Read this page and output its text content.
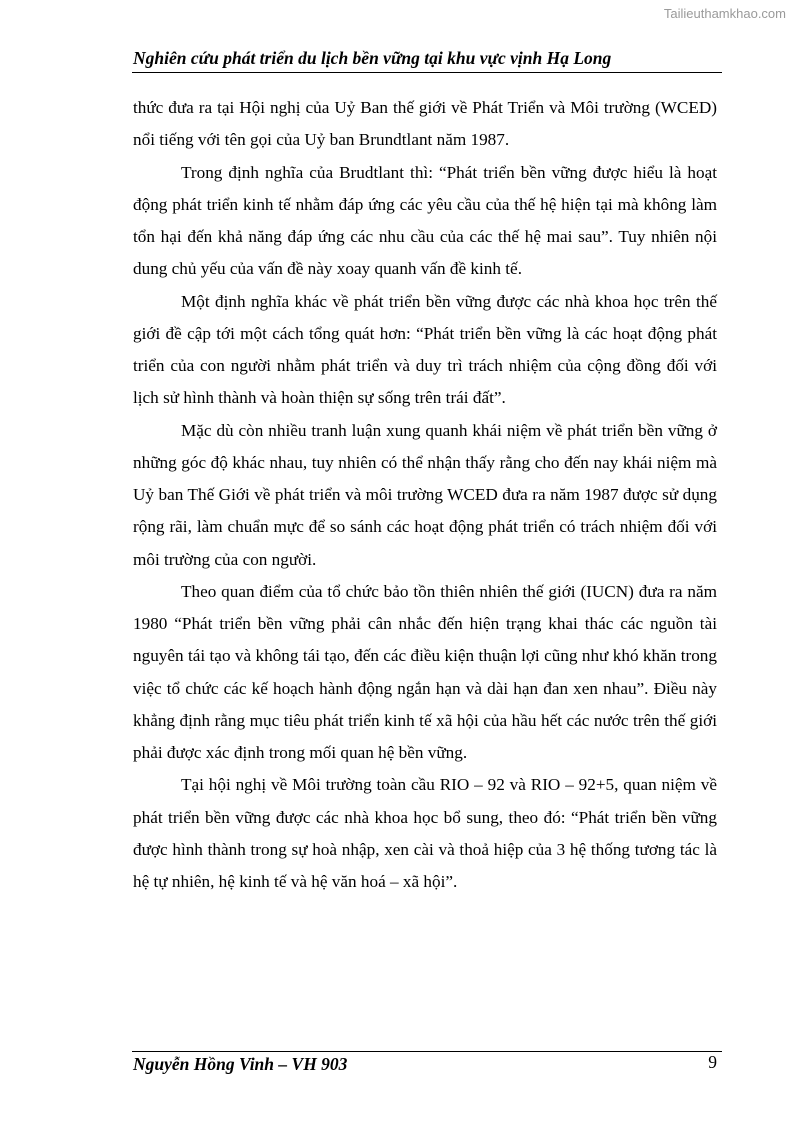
Tailieuthamkhao.com
Nghiên cứu phát triển du lịch bền vững tại khu vực vịnh Hạ Long

thức đưa ra tại Hội nghị của Uỷ Ban thế giới về Phát Triển và Môi trường (WCED) nổi tiếng với tên gọi của Uỷ ban Brundtlant năm 1987.

Trong định nghĩa của Brudtlant thì: “Phát triển bền vững được hiểu là hoạt động phát triển kinh tế nhằm đáp ứng các yêu cầu của thế hệ hiện tại mà không làm tổn hại đến khả năng đáp ứng các nhu cầu của các thế hệ mai sau”. Tuy nhiên nội dung chủ yếu của vấn đề này xoay quanh vấn đề kinh tế.

Một định nghĩa khác về phát triển bền vững được các nhà khoa học trên thế giới đề cập tới một cách tổng quát hơn: “Phát triển bền vững là các hoạt động phát triển của con người nhằm phát triển và duy trì trách nhiệm của cộng đồng đối với lịch sử hình thành và hoàn thiện sự sống trên trái đất”.

Mặc dù còn nhiều tranh luận xung quanh khái niệm về phát triển bền vững ở những góc độ khác nhau, tuy nhiên có thể nhận thấy rằng cho đến nay khái niệm mà Uỷ ban Thế Giới về phát triển và môi trường WCED đưa ra năm 1987 được sử dụng rộng rãi, làm chuẩn mực để so sánh các hoạt động phát triển có trách nhiệm đối với môi trường của con người.

Theo quan điểm của tổ chức bảo tồn thiên nhiên thế giới (IUCN) đưa ra năm 1980 “Phát triển bền vững phải cân nhắc đến hiện trạng khai thác các nguồn tài nguyên tái tạo và không tái tạo, đến các điều kiện thuận lợi cũng như khó khăn trong việc tổ chức các kế hoạch hành động ngắn hạn và dài hạn đan xen nhau”. Điều này khẳng định rằng mục tiêu phát triển kinh tế xã hội của hầu hết các nước trên thế giới phải được xác định trong mối quan hệ bền vững.

Tại hội nghị về Môi trường toàn cầu RIO – 92 và RIO – 92+5, quan niệm về phát triển bền vững được các nhà khoa học bổ sung, theo đó: “Phát triển bền vững được hình thành trong sự hoà nhập, xen cài và thoả hiệp của 3 hệ thống tương tác là hệ tự nhiên, hệ kinh tế và hệ văn hoá – xã hội”.

Nguyễn Hồng Vinh – VH 903	9
